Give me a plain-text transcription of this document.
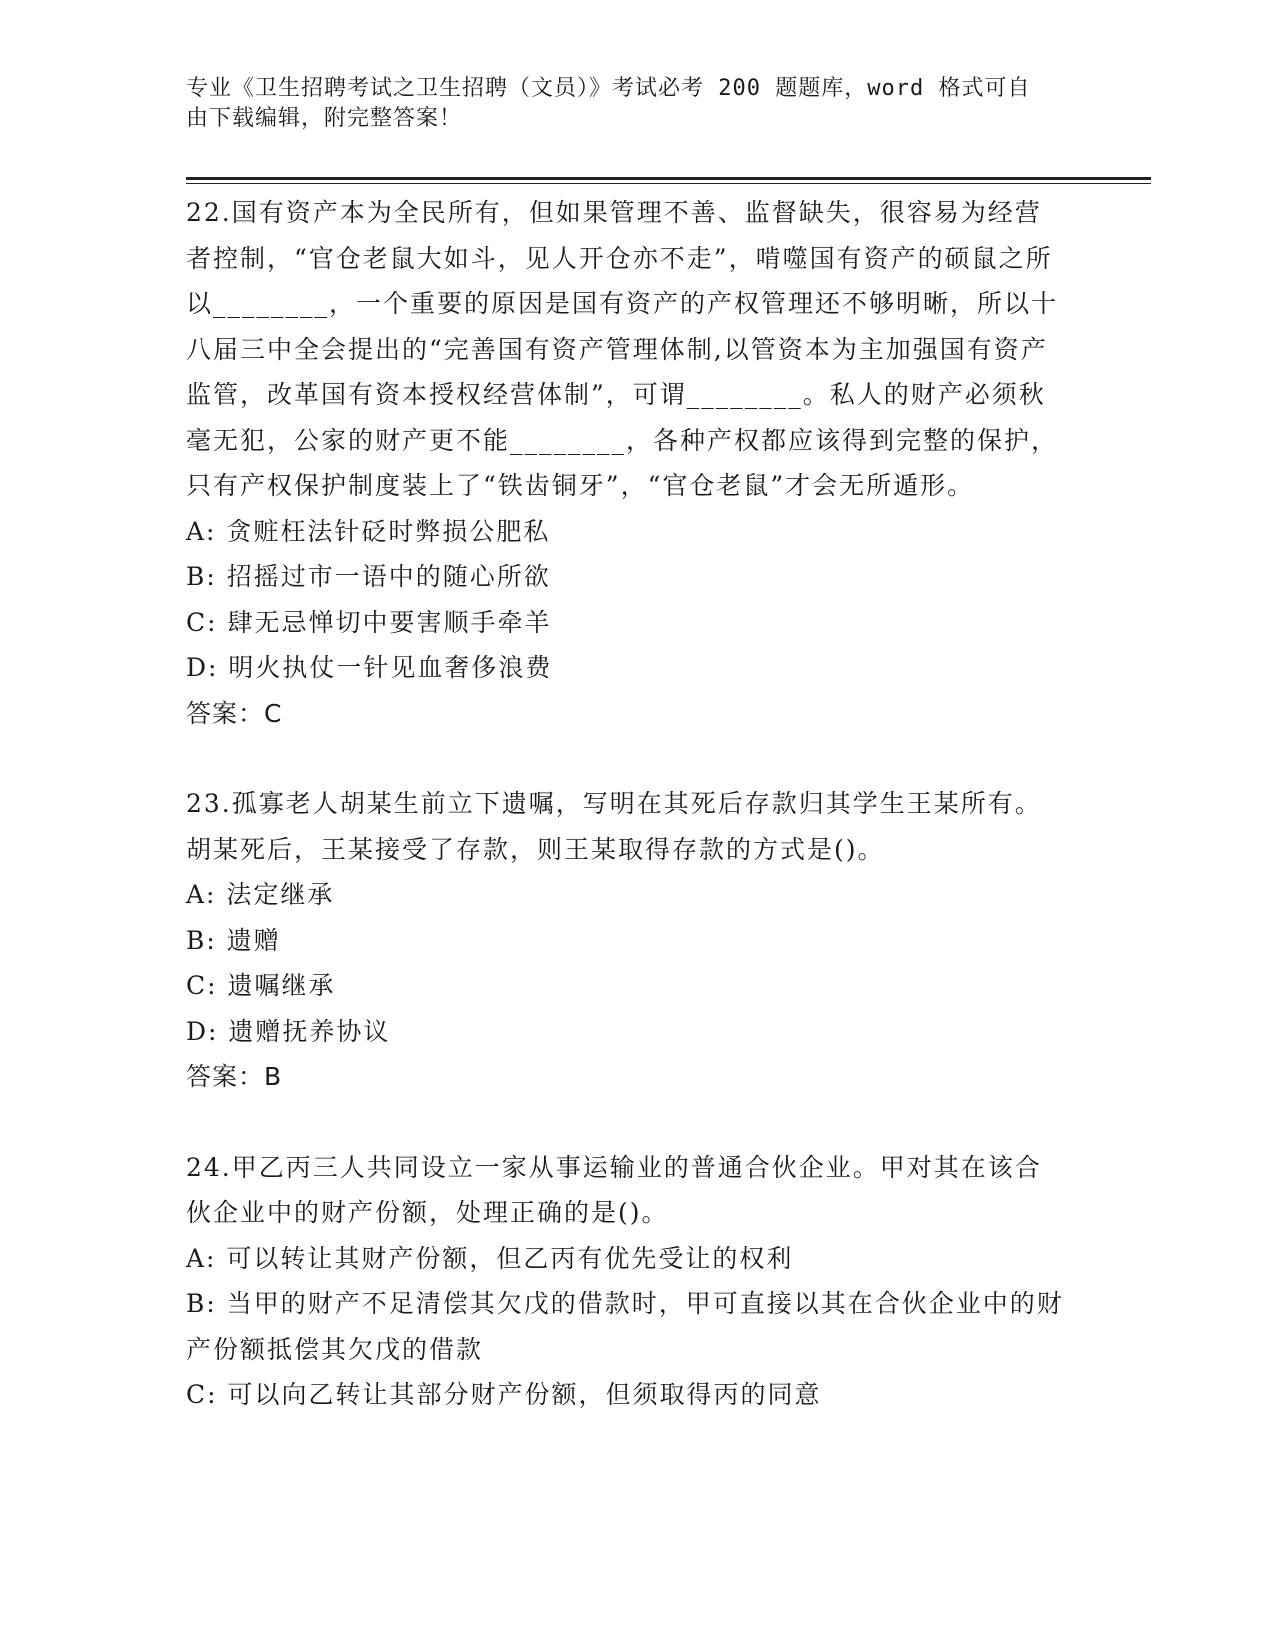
专业《卫生招聘考试之卫生招聘（文员）》考试必考 200 题题库，word 格式可自
由下载编辑，附完整答案！

22.国有资产本为全民所有，但如果管理不善、监督缺失，很容易为经营者控制，“官仓老鼠大如斗，见人开仓亦不走”，啃噬国有资产的硕鼠之所以________，一个重要的原因是国有资产的产权管理还不够明晰，所以十八届三中全会提出的“完善国有资产管理体制,以管资本为主加强国有资产监管，改革国有资本授权经营体制”，可谓________。私人的财产必须秋毫无犯，公家的财产更不能________，各种产权都应该得到完整的保护，只有产权保护制度装上了“铁齿铜牙”，“官仓老鼠”才会无所遁形。

A: 贪赃枉法针砭时弊损公肥私

B: 招摇过市一语中的随心所欲

C: 肆无忌惮切中要害顺手牵羊

D: 明火执仗一针见血奢侈浪费

答案：C

23.孤寡老人胡某生前立下遗嘱，写明在其死后存款归其学生王某所有。胡某死后，王某接受了存款，则王某取得存款的方式是()。

A: 法定继承

B: 遗赠

C: 遗嘱继承

D: 遗赠抚养协议

答案：B

24.甲乙丙三人共同设立一家从事运输业的普通合伙企业。甲对其在该合伙企业中的财产份额，处理正确的是()。

A: 可以转让其财产份额，但乙丙有优先受让的权利

B: 当甲的财产不足清偿其欠戊的借款时，甲可直接以其在合伙企业中的财产份额抵偿其欠戊的借款

C: 可以向乙转让其部分财产份额，但须取得丙的同意
